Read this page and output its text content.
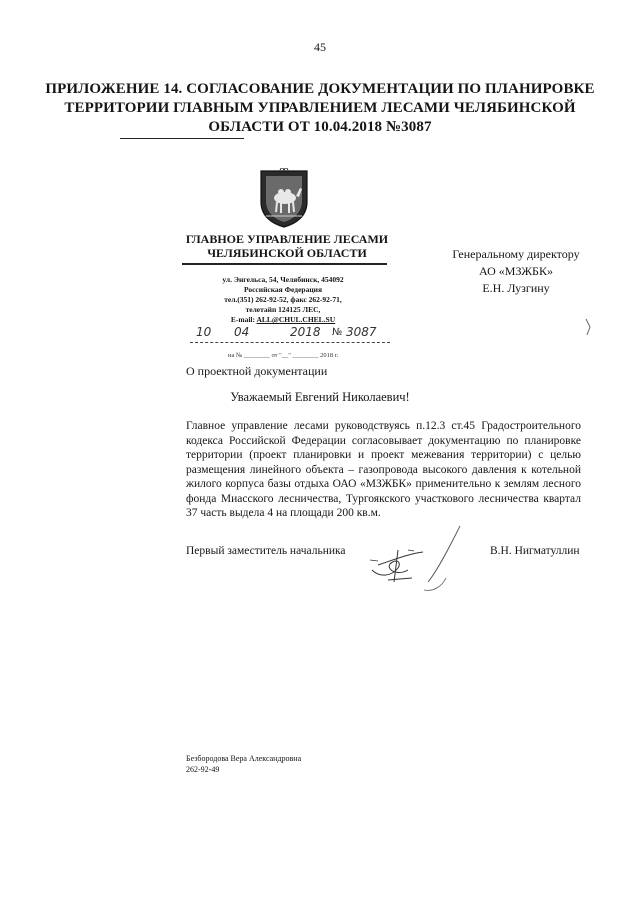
45
ПРИЛОЖЕНИЕ 14. СОГЛАСОВАНИЕ ДОКУМЕНТАЦИИ ПО ПЛАНИРОВКЕ ТЕРРИТОРИИ ГЛАВНЫМ УПРАВЛЕНИЕМ ЛЕСАМИ ЧЕЛЯБИНСКОЙ ОБЛАСТИ ОТ 10.04.2018 №3087
ГЛАВНОЕ УПРАВЛЕНИЕ ЛЕСАМИ
ЧЕЛЯБИНСКОЙ ОБЛАСТИ
ул. Энгельса, 54, Челябинск, 454092
Российская Федерация
тел.(351) 262-92-52, факс 262-92-71,
телетайп 124125 ЛЕС,
E-mail: ALL@CHUL.CHEL.SU
Генеральному директору
АО «МЗЖБК»
Е.Н. Лузгину
10 04	2018 № 3087
на № ________ от "__" ________ 2018 г.
О проектной документации
Уважаемый Евгений Николаевич!
Главное управление лесами руководствуясь п.12.3 ст.45 Градостроительного кодекса Российской Федерации согласовывает документацию по планировке территории (проект планировки и проект межевания территории) с целью размещения линейного объекта – газопровода высокого давления к котельной жилого корпуса базы отдыха ОАО «МЗЖБК» применительно к землям лесного фонда Миасского лесничества, Тургоякского участкового лесничества квартал 37 часть выдела 4 на площади 200 кв.м.
Первый заместитель начальника	В.Н. Нигматуллин
Безбородова Вера Александровна
262-92-49
